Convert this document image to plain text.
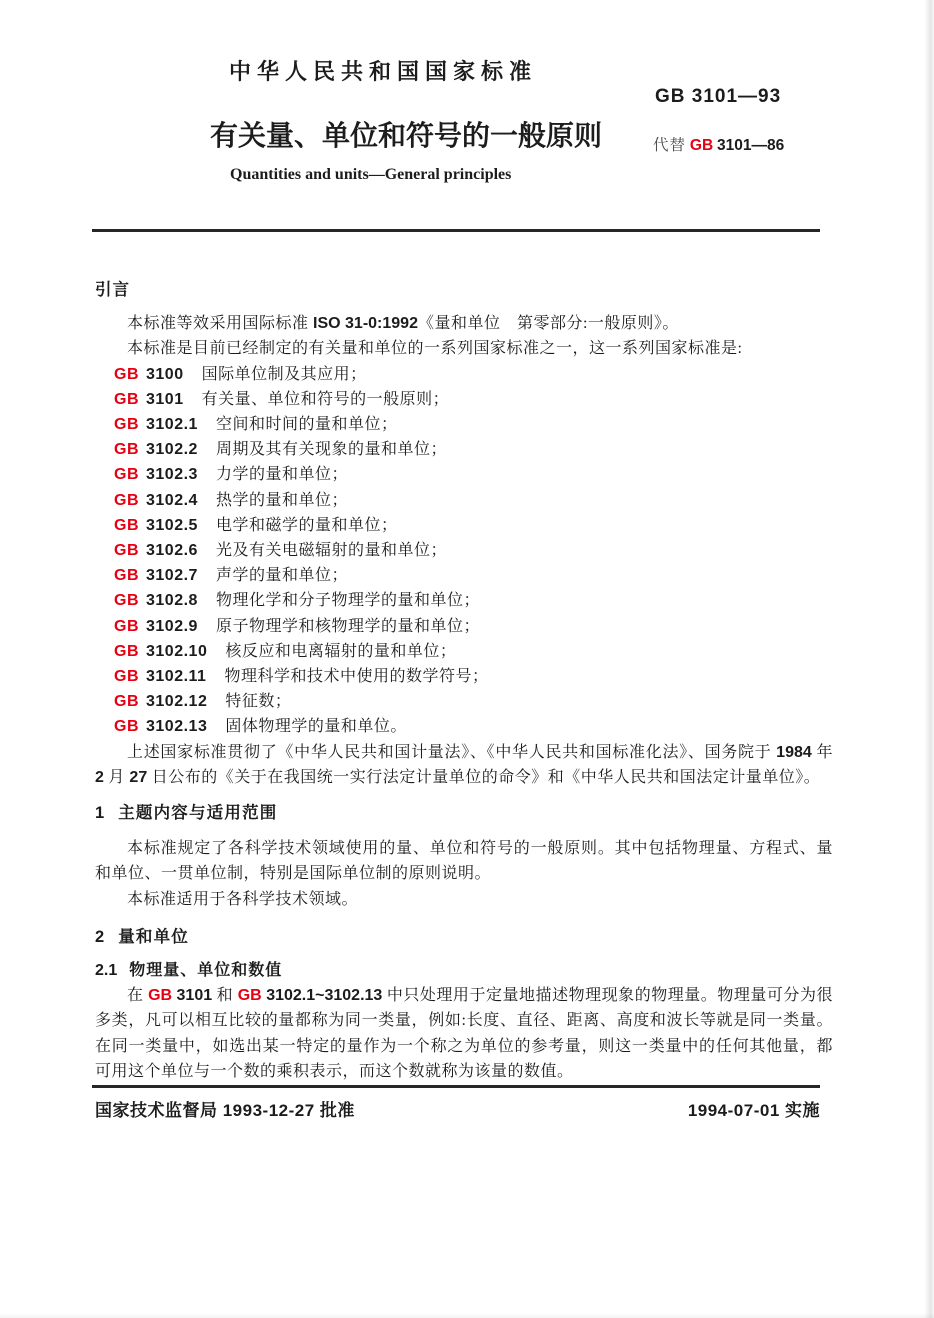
中华人民共和国国家标准
GB 3101—93
有关量、单位和符号的一般原则	代替 GB 3101—86
Quantities and units—General principles
引言

本标准等效采用国际标准 ISO 31-0:1992《量和单位　第零部分:一般原则》。

本标准是目前已经制定的有关量和单位的一系列国家标准之一，这一系列国家标准是:

GB 3100 国际单位制及其应用；
GB 3101 有关量、单位和符号的一般原则；
GB 3102.1 空间和时间的量和单位；
GB 3102.2 周期及其有关现象的量和单位；
GB 3102.3 力学的量和单位；
GB 3102.4 热学的量和单位；
GB 3102.5 电学和磁学的量和单位；
GB 3102.6 光及有关电磁辐射的量和单位；
GB 3102.7 声学的量和单位；
GB 3102.8 物理化学和分子物理学的量和单位；
GB 3102.9 原子物理学和核物理学的量和单位；
GB 3102.10 核反应和电离辐射的量和单位；
GB 3102.11 物理科学和技术中使用的数学符号；
GB 3102.12 特征数；
GB 3102.13 固体物理学的量和单位。

上述国家标准贯彻了《中华人民共和国计量法》、《中华人民共和国标准化法》、国务院于 1984 年 2 月 27 日公布的《关于在我国统一实行法定计量单位的命令》和《中华人民共和国法定计量单位》。

1 主题内容与适用范围

本标准规定了各科学技术领域使用的量、单位和符号的一般原则。其中包括物理量、方程式、量和单位、一贯单位制，特别是国际单位制的原则说明。

本标准适用于各科学技术领域。

2 量和单位
2.1 物理量、单位和数值

在 GB 3101 和 GB 3102.1~3102.13 中只处理用于定量地描述物理现象的物理量。物理量可分为很多类，凡可以相互比较的量都称为同一类量，例如:长度、直径、距离、高度和波长等就是同一类量。在同一类量中，如选出某一特定的量作为一个称之为单位的参考量，则这一类量中的任何其他量，都可用这个单位与一个数的乘积表示，而这个数就称为该量的数值。

国家技术监督局 1993-12-27 批准	1994-07-01 实施
